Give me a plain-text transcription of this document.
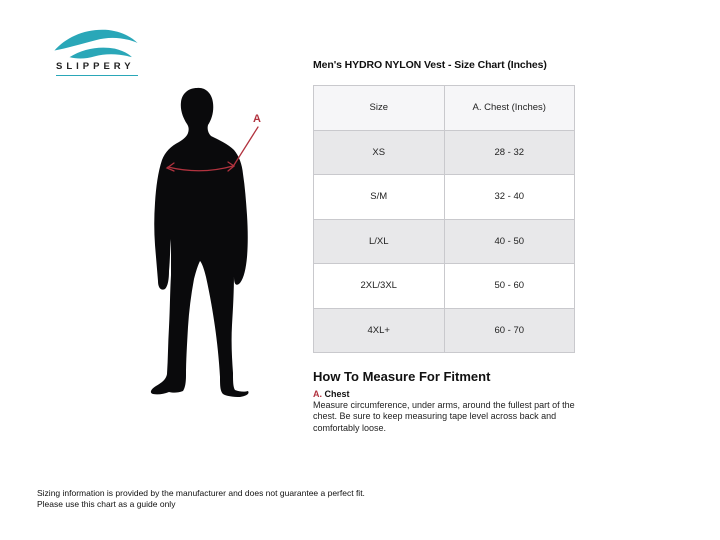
SLIPPERY
A
Men's HYDRO NYLON Vest - Size Chart (Inches)
Size	A. Chest (Inches)
XS	28 - 32
S/M	32 - 40
L/XL	40 - 50
2XL/3XL	50 - 60
4XL+	60 - 70
How To Measure For Fitment
A. Chest
Measure circumference, under arms, around the fullest part of the chest. Be sure to keep measuring tape level across back and comfortably loose.
Sizing information is provided by the manufacturer and does not guarantee a perfect fit.
Please use this chart as a guide only
